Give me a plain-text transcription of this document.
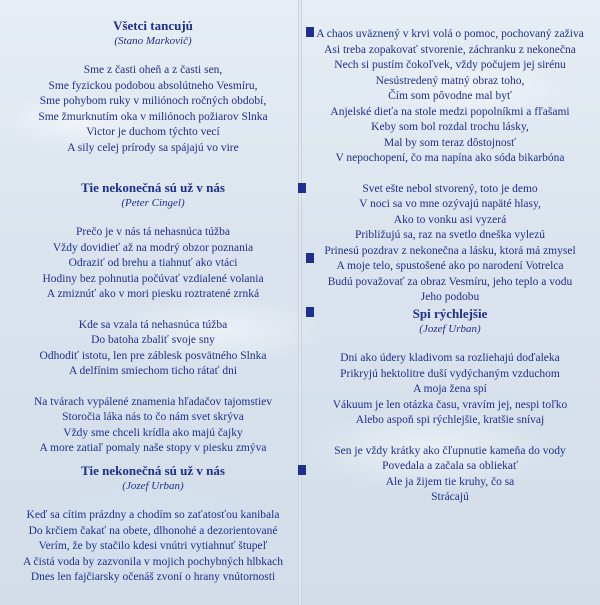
Všetci tancujú
(Stano Markovič)
Sme z časti oheň a z časti sen,
Sme fyzickou podobou absolútneho Vesmíru,
Sme pohybom ruky v miliónoch ročných období,
Sme žmurknutím oka v miliónoch požiarov Slnka
Victor je duchom týchto vecí
A sily celej prírody sa spájajú vo vire
Tie nekonečná sú už v nás
(Peter Cingel)
Prečo je v nás tá nehasnúca túžba
Vždy dovidieť až na modrý obzor poznania
Odraziť od brehu a tiahnuť ako vtáci
Hodiny bez pohnutia počúvať vzdialené volania
A zmiznúť ako v mori piesku roztratené zrnká
Kde sa vzala tá nehasnúca túžba
Do batoha zbaliť svoje sny
Odhodiť istotu, len pre záblesk posvätného Slnka
A delfínim smiechom ticho rátať dni
Na tvárach vypálené znamenia hľadačov tajomstiev
Storočia láka nás to čo nám svet skrýva
Vždy sme chceli krídla ako majú čajky
A more zatiaľ pomaly naše stopy v piesku zmýva
Tie nekonečná sú už v nás
(Jozef Urban)
Keď sa cítim prázdny a chodím so zaťatosťou kanibala
Do krčiem čakať na obete, dlhonohé a dezorientované
Verím, že by stačilo kdesi vnútri vytiahnuť štupeľ
A čistá voda by zazvonila v mojich pochybných hlbkach
Dnes len fajčiarsky očenáš zvoní o hrany vnútornosti
A chaos uväznený v krvi volá o pomoc, pochovaný zaživa
Asi treba zopakovať stvorenie, záchranku z nekonečna
Nech si pustím čokoľvek, vždy počujem jej sirénu
Nesústredený matný obraz toho,
Čím som pôvodne mal byť
Anjelské dieťa na stole medzi popolníkmi a fľašami
Keby som bol rozdal trochu lásky,
Mal by som teraz dôstojnosť
V nepochopení, čo ma napína ako sóda bikarbóna
Svet ešte nebol stvorený, toto je demo
V noci sa vo mne ozývajú napäté hlasy,
Ako to vonku asi vyzerá
Približujú sa, raz na svetlo dneška vylezú
Prinesú pozdrav z nekonečna a lásku, ktorá má zmysel
A moje telo, spustošené ako po narodení Votrelca
Budú považovať za obraz Vesmíru, jeho teplo a vodu
Jeho podobu
Spi rýchlejšie
(Jozef Urban)
Dni ako údery kladivom sa rozliehajú doďaleka
Prikryjú hektolitre duší vydýchaným vzduchom
A moja žena spí
Vákuum je len otázka času, vravím jej, nespi toľko
Alebo aspoň spi rýchlejšie, kratšie snívaj
Sen je vždy krátky ako čľupnutie kameňa do vody
Povedala a začala sa obliekať
Ale ja žijem tie kruhy, čo sa
Strácajú
